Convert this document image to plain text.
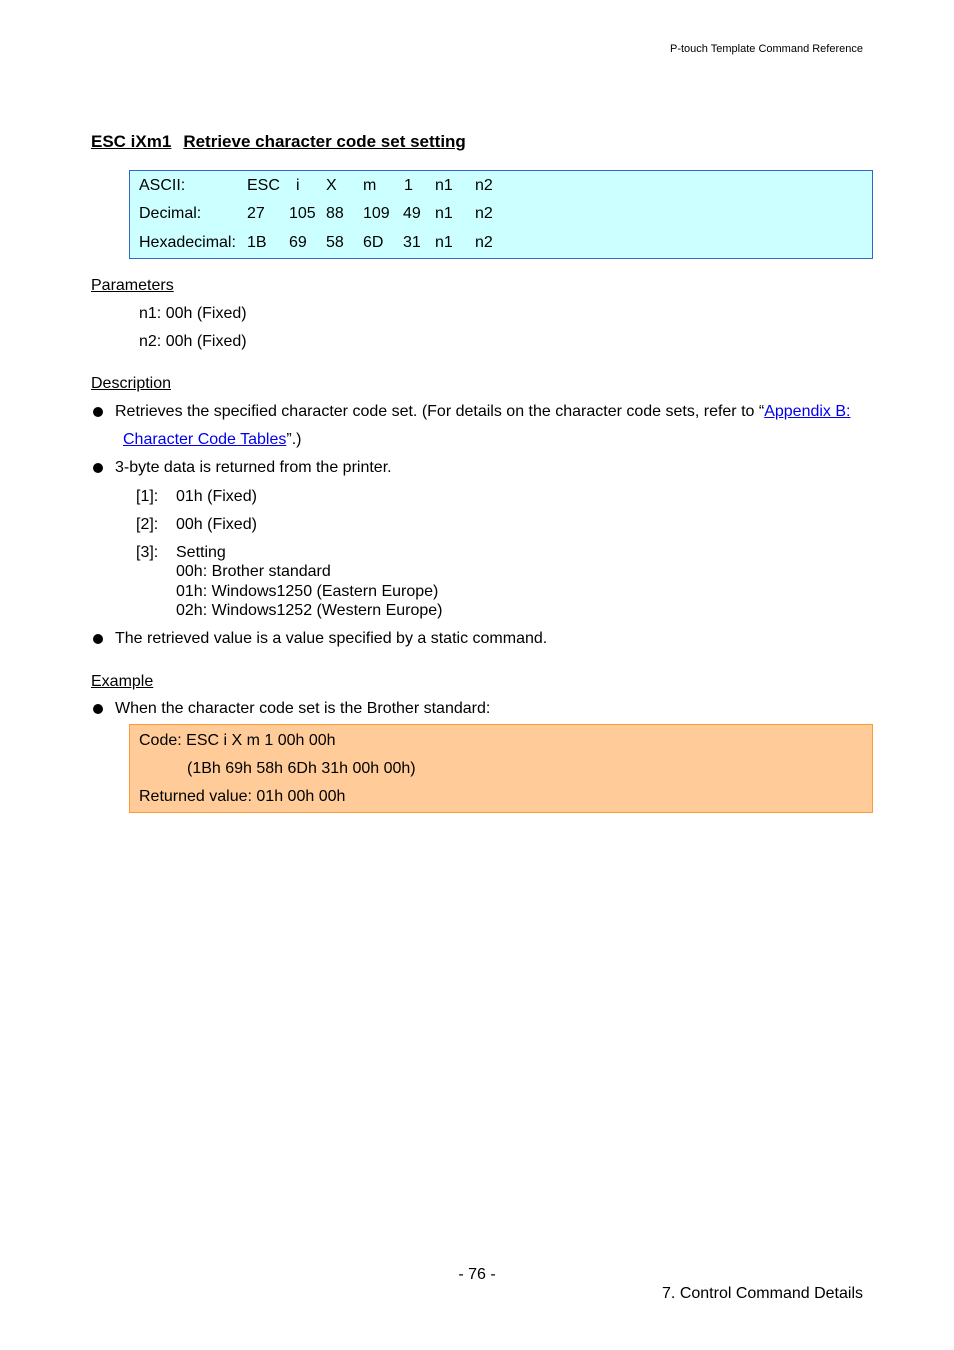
P-touch Template Command Reference
ESC iXm1 Retrieve character code set setting
ASCII:	ESC i X m 1 n1 n2
Decimal:	27 105 88 109 49 n1 n2
Hexadecimal: 1B 69 58 6D 31 n1 n2
Parameters
n1: 00h (Fixed)
n2: 00h (Fixed)
Description
Retrieves the specified character code set. (For details on the character code sets, refer to “Appendix B:
Character Code Tables”.)
3-byte data is returned from the printer.
[1]: 01h (Fixed)
[2]: 00h (Fixed)
[3]: Setting
00h: Brother standard
01h: Windows1250 (Eastern Europe)
02h: Windows1252 (Western Europe)
The retrieved value is a value specified by a static command.
Example
When the character code set is the Brother standard:
Code: ESC i X m 1 00h 00h
(1Bh 69h 58h 6Dh 31h 00h 00h)
Returned value: 01h 00h 00h
- 76 -
7. Control Command Details
